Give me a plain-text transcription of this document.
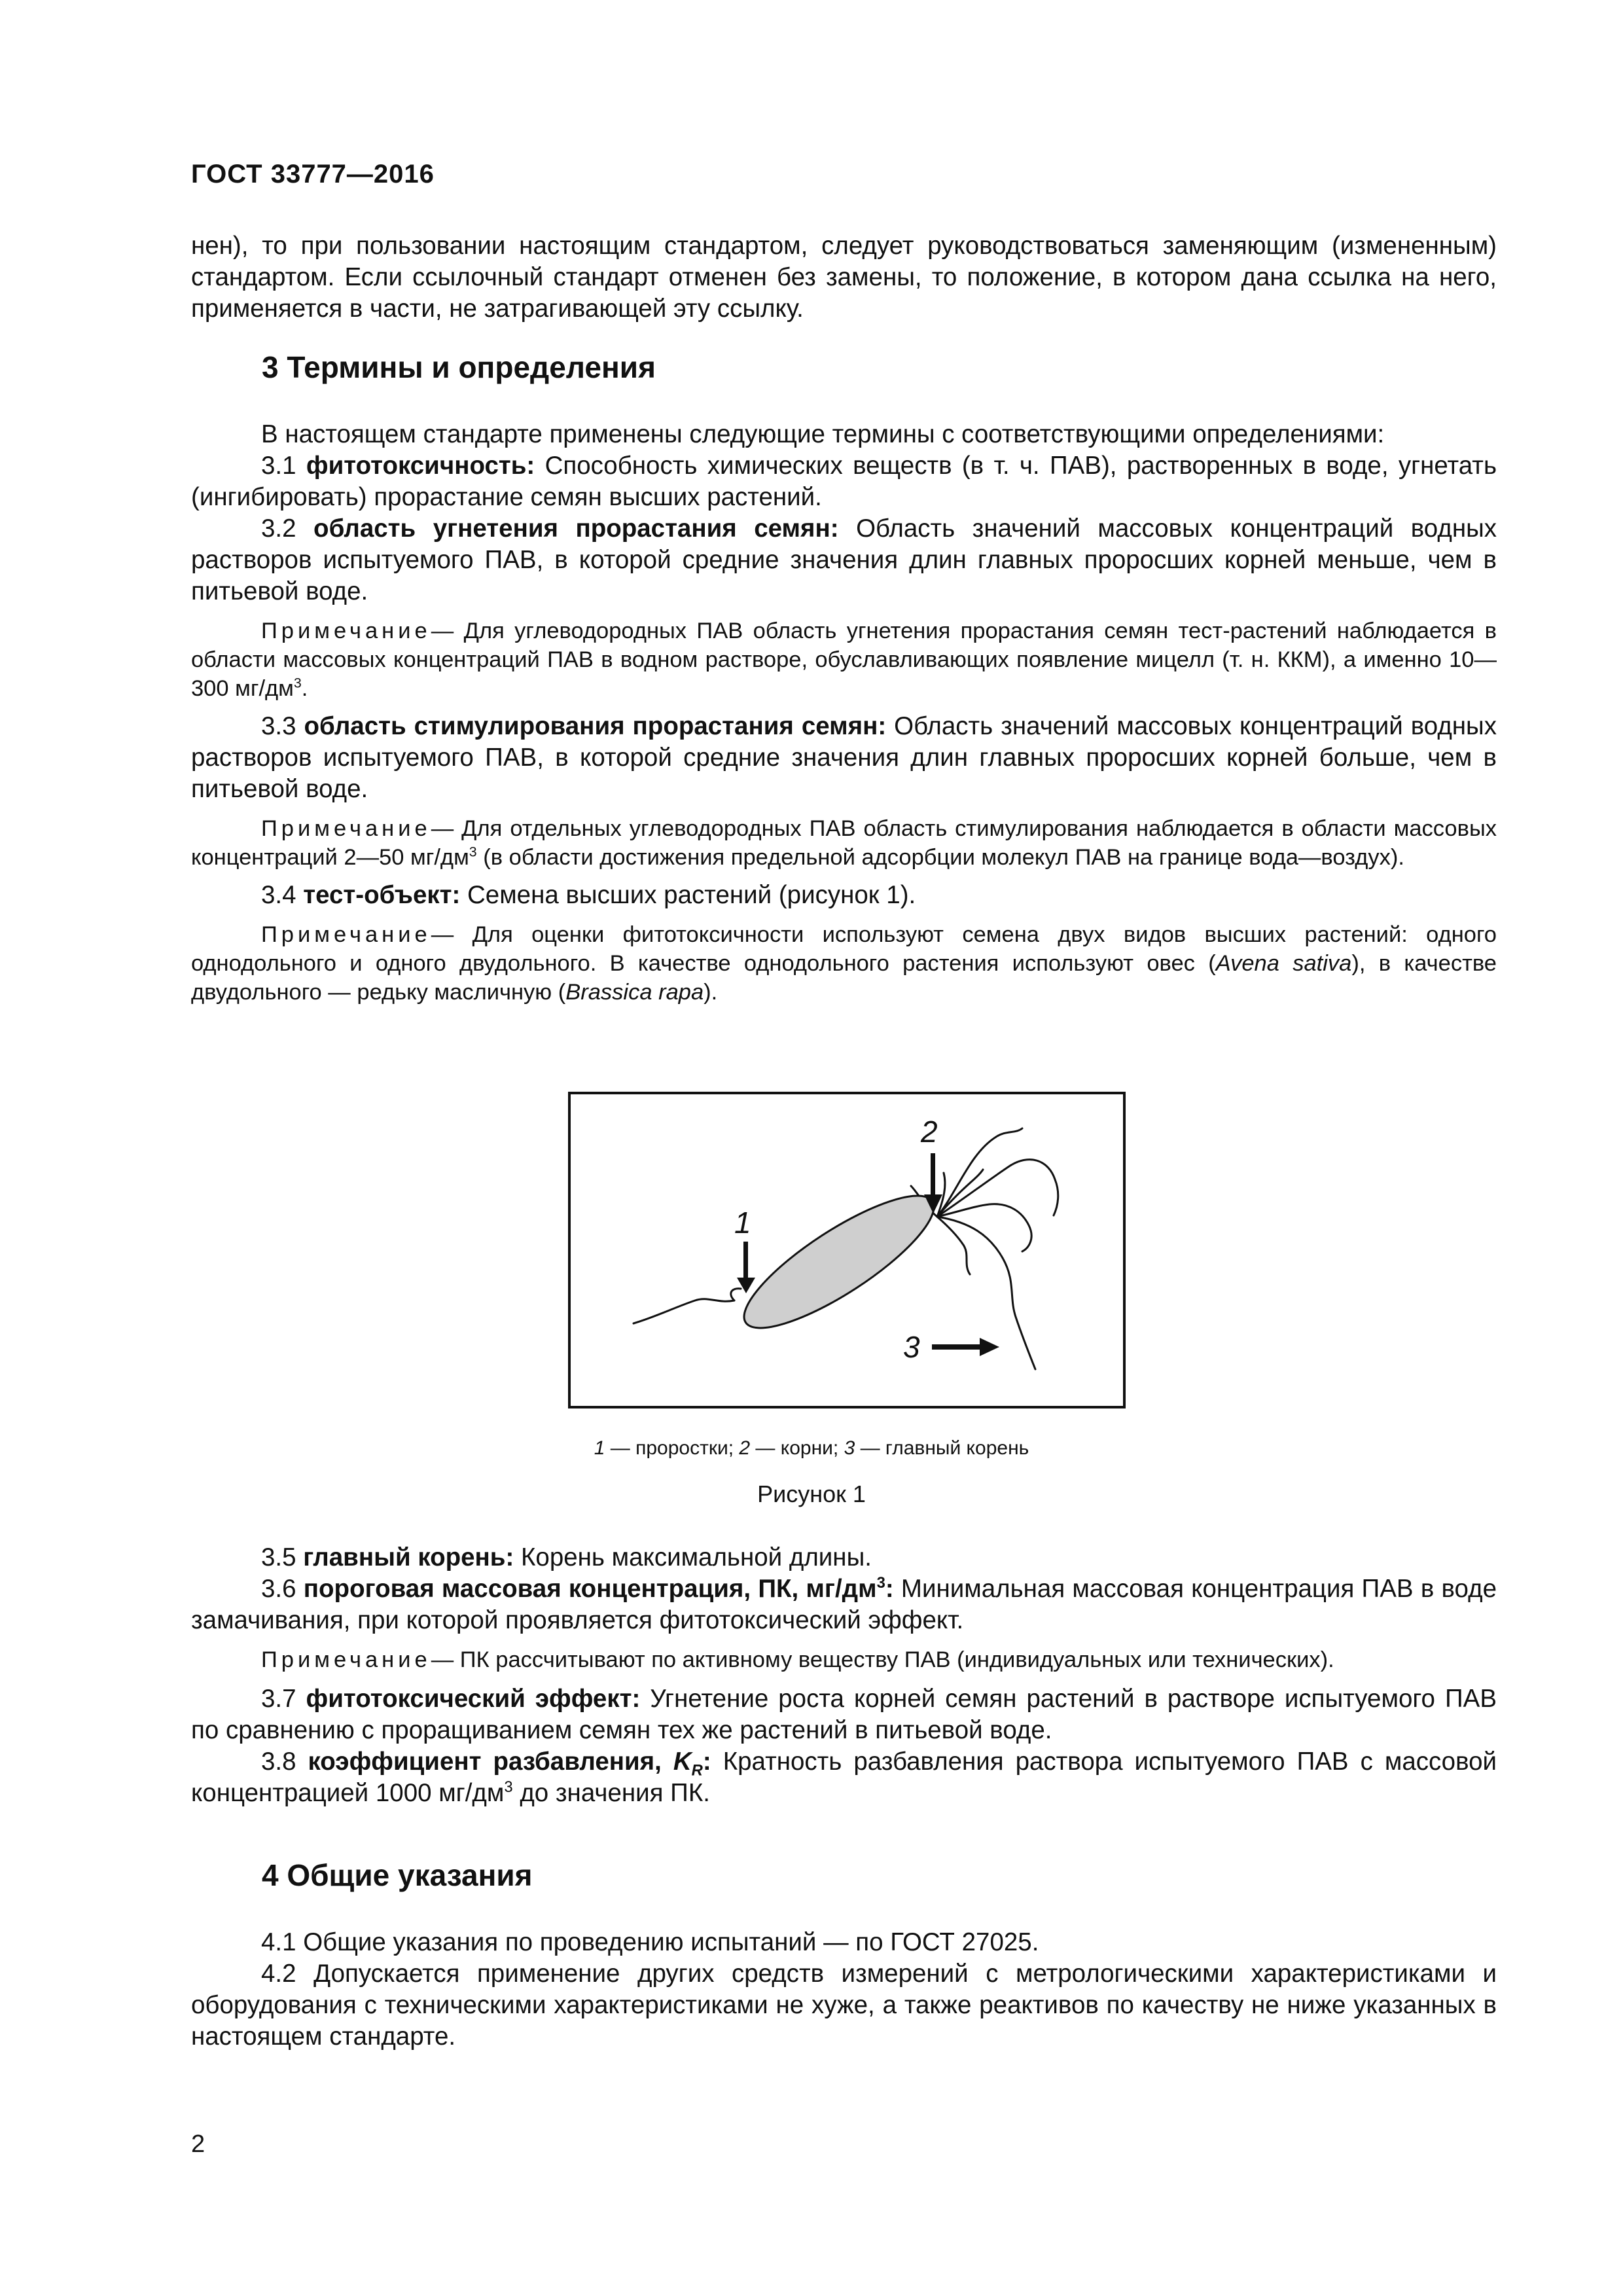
ГОСТ 33777—2016

нен), то при пользовании настоящим стандартом, следует руководствоваться заменяющим (измененным) стандартом. Если ссылочный стандарт отменен без замены, то положение, в котором дана ссылка на него, применяется в части, не затрагивающей эту ссылку.

3 Термины и определения

В настоящем стандарте применены следующие термины с соответствующими определениями:

3.1 фитотоксичность: Способность химических веществ (в т. ч. ПАВ), растворенных в воде, угнетать (ингибировать) прорастание семян высших растений.

3.2 область угнетения прорастания семян: Область значений массовых концентраций водных растворов испытуемого ПАВ, в которой средние значения длин главных проросших корней меньше, чем в питьевой воде.

Примечание— Для углеводородных ПАВ область угнетения прорастания семян тест-растений наблюдается в области массовых концентраций ПАВ в водном растворе, обуславливающих появление мицелл (т. н. ККМ), а именно 10—300 $мг/дм^3$.

3.3 область стимулирования прорастания семян: Область значений массовых концентраций водных растворов испытуемого ПАВ, в которой средние значения длин главных проросших корней больше, чем в питьевой воде.

Примечание— Для отдельных углеводородных ПАВ область стимулирования наблюдается в области массовых концентраций 2—50 $мг/дм^3$ (в области достижения предельной адсорбции молекул ПАВ на границе вода—воздух).

3.4 тест-объект: Семена высших растений (рисунок 1).

Примечание— Для оценки фитотоксичности используют семена двух видов высших растений: одного однодольного и одного двудольного. В качестве однодольного растения используют овес (Avena sativa), в качестве двудольного — редьку масличную (Brassica rapa).

1
2
3
1 — проростки; 2 — корни; 3 — главный корень
Рисунок 1

3.5 главный корень: Корень максимальной длины.

3.6 пороговая массовая концентрация, ПК, $мг/дм^3$: Минимальная массовая концентрация ПАВ в воде замачивания, при которой проявляется фитотоксический эффект.

Примечание— ПК рассчитывают по активному веществу ПАВ (индивидуальных или технических).

3.7 фитотоксический эффект: Угнетение роста корней семян растений в растворе испытуемого ПАВ по сравнению с проращиванием семян тех же растений в питьевой воде.

3.8 коэффициент разбавления, $K_R$: Кратность разбавления раствора испытуемого ПАВ с массовой концентрацией 1000 $мг/дм^3$ до значения ПК.

4 Общие указания

4.1 Общие указания по проведению испытаний — по ГОСТ 27025.

4.2 Допускается применение других средств измерений с метрологическими характеристиками и оборудования с техническими характеристиками не хуже, а также реактивов по качеству не ниже указанных в настоящем стандарте.

2
